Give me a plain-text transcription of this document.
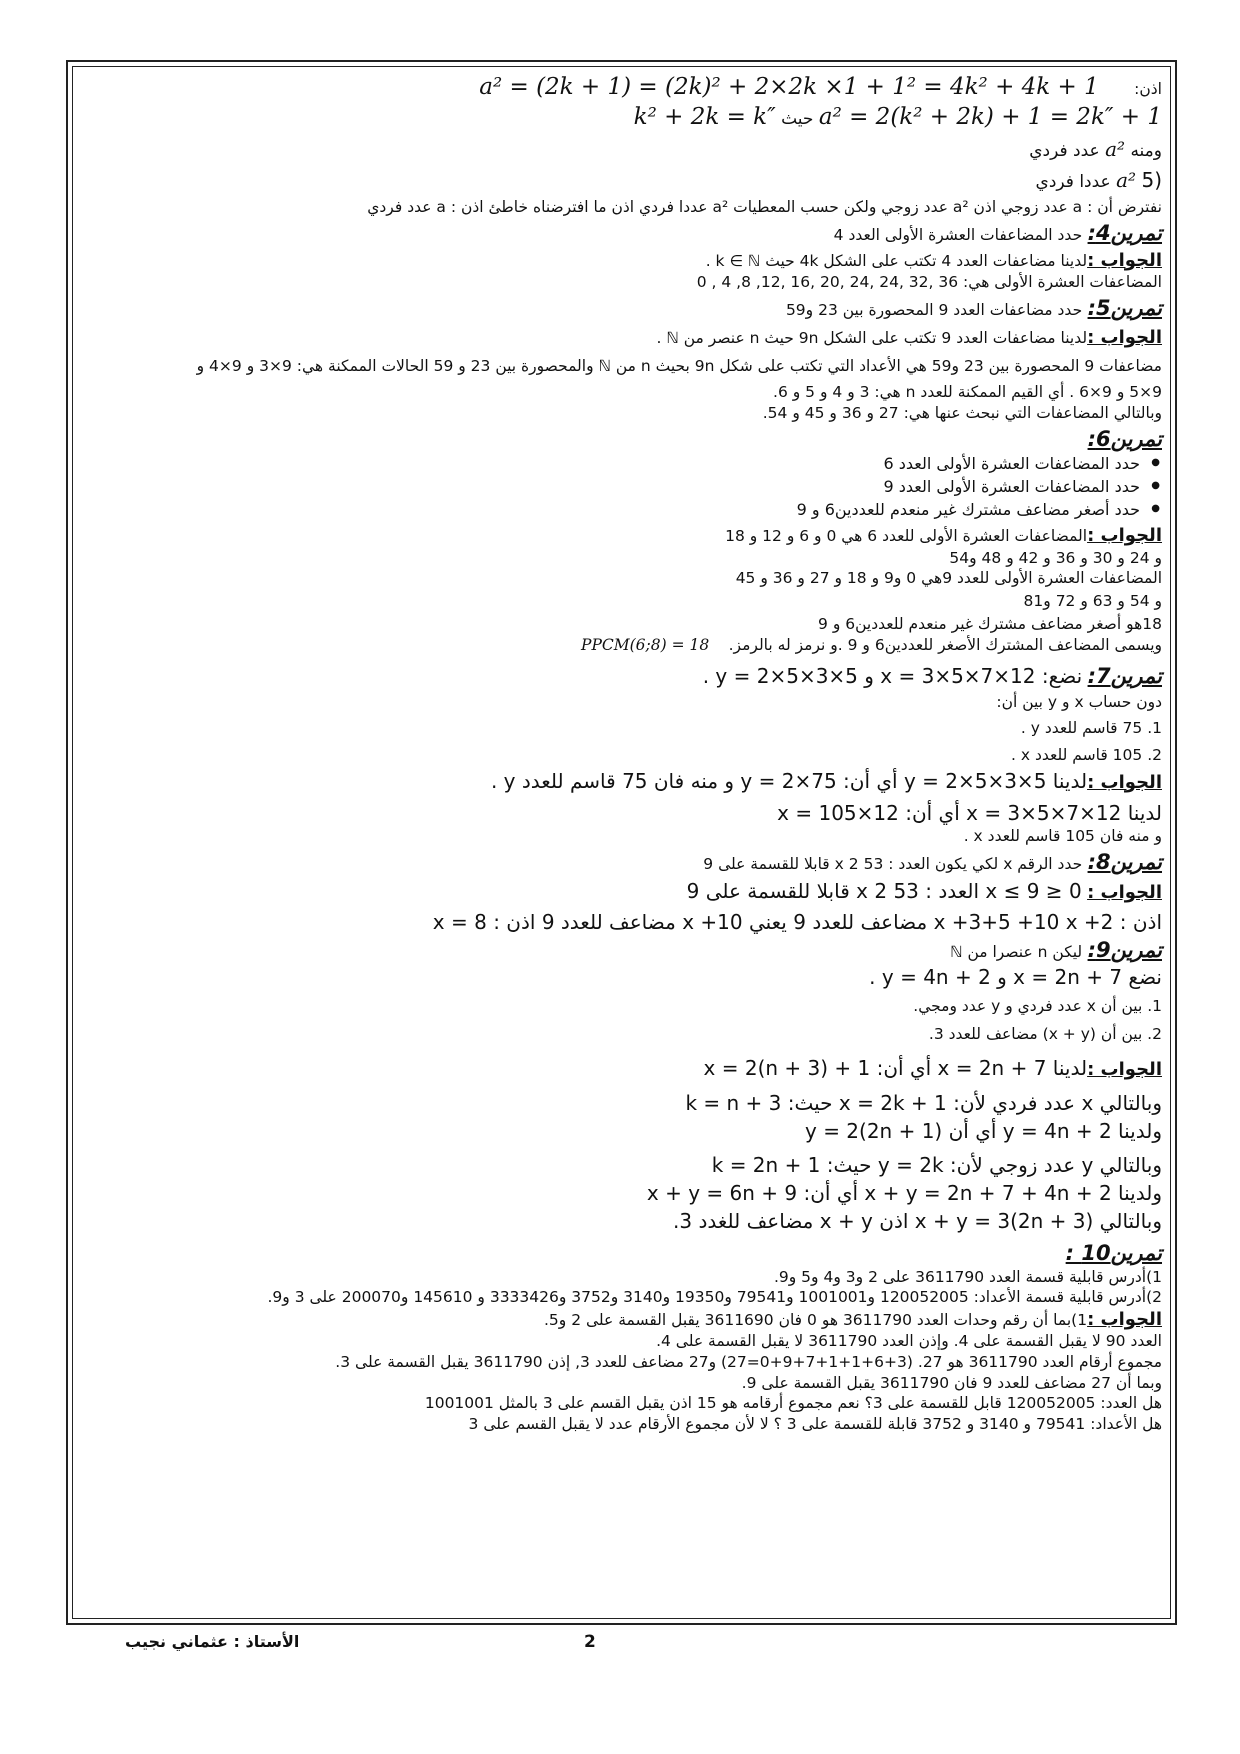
اذن: a² = (2k + 1) = (2k)² + 2×2k ×1 + 1² = 4k² + 4k + 1
a² = 2(k² + 2k) + 1 = 2k″ + 1 حيث k² + 2k = k″
ومنه a² عدد فردي
(5 a² عددا فردي
نفترض أن : a عدد زوجي اذن a² عدد زوجي ولكن حسب المعطيات a² عددا فردي اذن ما افترضناه خاطئ اذن : a عدد فردي
تمرين4: حدد المضاعفات العشرة الأولى العدد 4
الجواب :لدينا مضاعفات العدد 4 تكتب على الشكل 4k حيث k ∈ ℕ .
المضاعفات العشرة الأولى هي: 36 ,32 ,24 ,24 ,20 ,16 ,12, 8, 4 , 0
تمرين5: حدد مضاعفات العدد 9 المحصورة بين 23 و59
الجواب :لدينا مضاعفات العدد 9 تكتب على الشكل 9n حيث n عنصر من ℕ .
مضاعفات 9 المحصورة بين 23 و59 هي الأعداد التي تكتب على شكل 9n بحيث n من ℕ والمحصورة بين 23 و 59 الحالات الممكنة هي: 9×3 و 9×4 و
9×5 و 9×6 . أي القيم الممكنة للعدد n هي: 3 و 4 و 5 و 6.
وبالتالي المضاعفات التي نبحث عنها هي: 27 و 36 و 45 و 54.
تمرين6:
● حدد المضاعفات العشرة الأولى العدد 6
● حدد المضاعفات العشرة الأولى العدد 9
● حدد أصغر مضاعف مشترك غير منعدم للعددين6 و 9
الجواب :المضاعفات العشرة الأولى للعدد 6 هي 0 و 6 و 12 و 18
و 24 و 30 و 36 و 42 و 48 و54
المضاعفات العشرة الأولى للعدد 9هي 0 و9 و 18 و 27 و 36 و 45
و 54 و 63 و 72 و81
18هو أصغر مضاعف مشترك غير منعدم للعددين6 و 9
ويسمى المضاعف المشترك الأصغر للعددين6 و 9 .و نرمز له بالرمز. PPCM(6;8) = 18
تمرين7: نضع: x = 3×5×7×12 و y = 2×5×3×5 .
دون حساب x و y بين أن:
1. 75 قاسم للعدد y .
2. 105 قاسم للعدد x .
الجواب :لدينا y = 2×5×3×5 أي أن: y = 2×75 و منه فان 75 قاسم للعدد y .
لدينا x = 3×5×7×12 أي أن: x = 105×12
و منه فان 105 قاسم للعدد x .
تمرين8: حدد الرقم x لكي يكون العدد : 53 2 x قابلا للقسمة على 9
الجواب : 0 ≤ x ≤ 9 العدد : 53 2 x قابلا للقسمة على 9
اذن : 2+ x +3+5 +10 x مضاعف للعدد 9 يعني x +10 مضاعف للعدد 9 اذن : x = 8
تمرين9: ليكن n عنصرا من ℕ
نضع x = 2n + 7 و y = 4n + 2 .
1. بين أن x عدد فردي و y عدد ومجي.
2. بين أن (x + y) مضاعف للعدد 3.
الجواب :لدينا x = 2n + 7 أي أن: x = 2(n + 3) + 1
وبالتالي x عدد فردي لأن: x = 2k + 1 حيث: k = n + 3
ولدينا y = 4n + 2 أي أن y = 2(2n + 1)
وبالتالي y عدد زوجي لأن: y = 2k حيث: k = 2n + 1
ولدينا x + y = 2n + 7 + 4n + 2 أي أن: x + y = 6n + 9
وبالتالي x + y = 3(2n + 3) اذن x + y مضاعف للغدد 3.
تمرين10 :
1)أدرس قابلية قسمة العدد 3611790 على 2 و3 و4 و5 و9.
2)أدرس قابلية قسمة الأعداد: 120052005 و1001001 و79541 و19350 و3140 و3752 و3333426 و 145610 و200070 على 3 و9.
الجواب :1)بما أن رقم وحدات العدد 3611790 هو 0 فان 3611690 يقبل القسمة على 2 و5.
العدد 90 لا يقبل القسمة على 4. وإذن العدد 3611790 لا يقبل القسمة على 4.
مجموع أرقام العدد 3611790 هو 27. (3+6+1+1+7+9+0=27) و27 مضاعف للعدد 3, إذن 3611790 يقبل القسمة على 3.
وبما أن 27 مضاعف للعدد 9 فان 3611790 يقبل القسمة على 9.
هل العدد: 120052005 قابل للقسمة على 3؟ نعم مجموع أرقامه هو 15 اذن يقبل القسم على 3 بالمثل 1001001
هل الأعداد: 79541 و 3140 و 3752 قابلة للقسمة على 3 ؟ لا لأن مجموع الأرقام عدد لا يقبل القسم على 3
الأستاذ : عثماني نجيب	2
